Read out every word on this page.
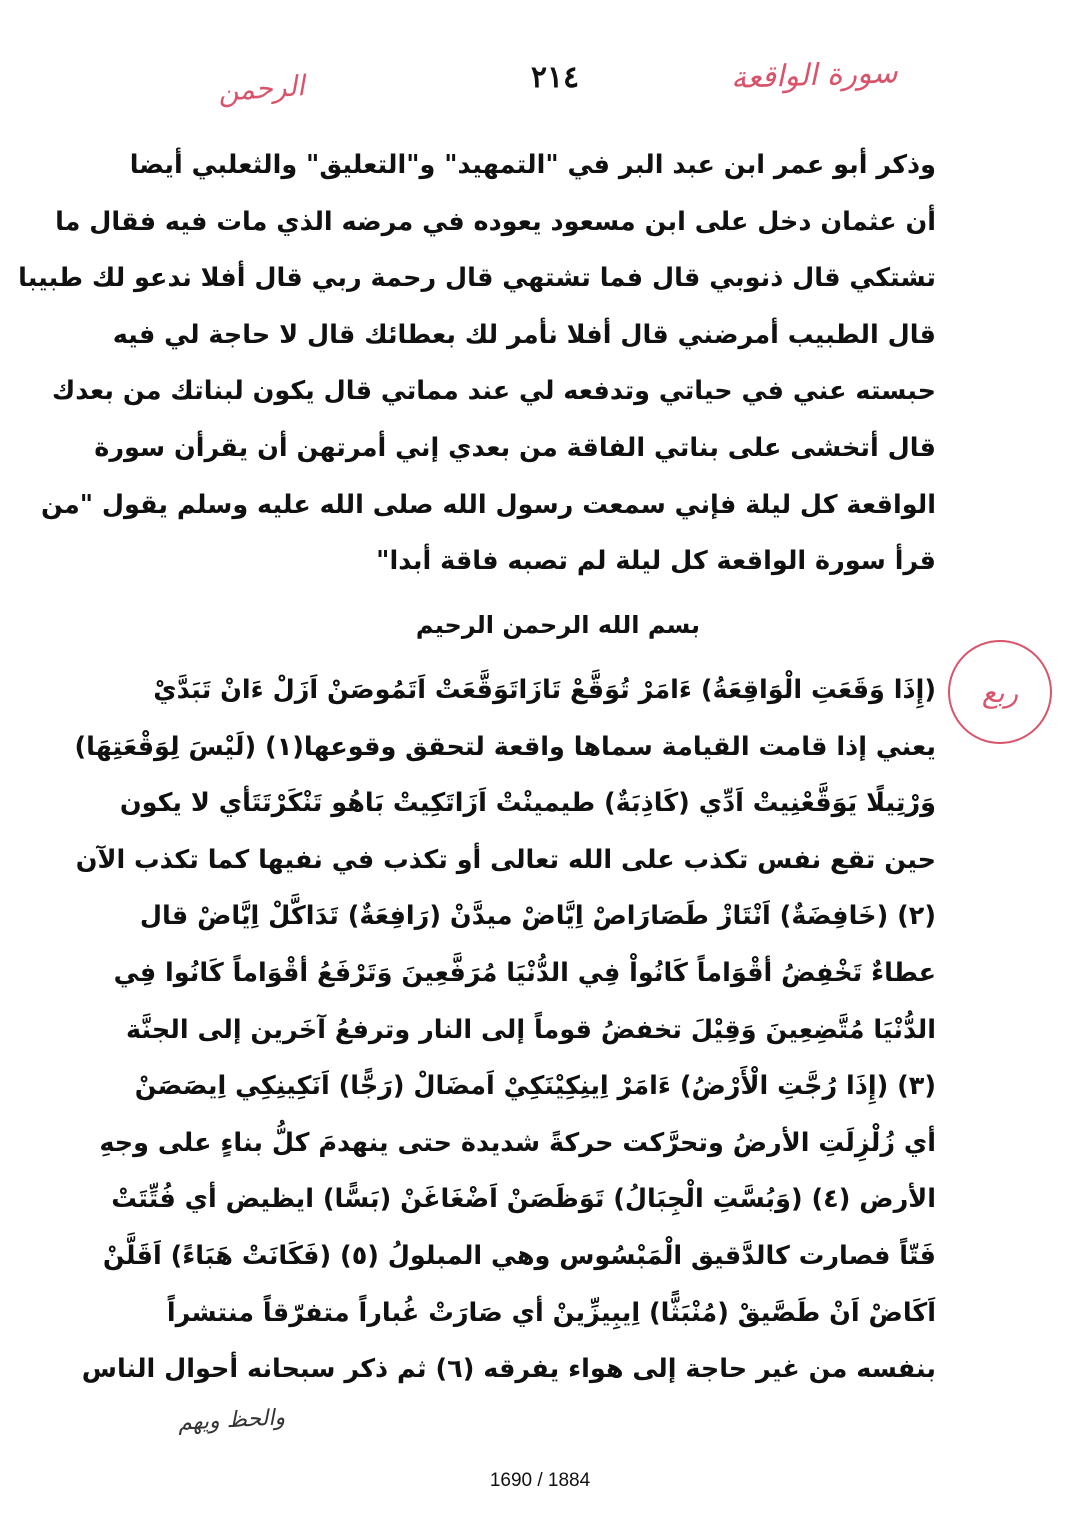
سورة الواقعة
٢١٤
الرحمن
وذكر أبو عمر ابن عبد البر في "التمهيد" و"التعليق" والثعلبي أيضا
أن عثمان دخل على ابن مسعود يعوده في مرضه الذي مات فيه فقال ما
تشتكي قال ذنوبي قال فما تشتهي قال رحمة ربي قال أفلا ندعو لك طبيبا
قال الطبيب أمرضني قال أفلا نأمر لك بعطائك قال لا حاجة لي فيه
حبسته عني في حياتي وتدفعه لي عند مماتي قال يكون لبناتك من بعدك
قال أتخشى على بناتي الفاقة من بعدي إني أمرتهن أن يقرأن سورة
الواقعة كل ليلة فإني سمعت رسول الله صلى الله عليه وسلم يقول "من
قرأ سورة الواقعة كل ليلة لم تصبه فاقة أبدا"
بسم الله الرحمن الرحيم
ربع
(إِذَا وَقَعَتِ الْوَاقِعَةُ) ءَامَرْ تُوَقَّعْ تَازَاتَوَقَّعَتْ اَتَمُوصَنْ اَزَلْ ءَانْ تَبَدَّيْ
يعني إذا قامت القيامة سماها واقعة لتحقق وقوعها(١) (لَيْسَ لِوَقْعَتِهَا)
وَرْتِيلًا يَوَقَّعْنِيتْ اَدِّي (كَاذِبَةٌ) طيمينْتْ اَزَاتَكِيتْ بَاهُو تَنْكَرْتَتَأي لا يكون
حين تقع نفس تكذب على الله تعالى أو تكذب في نفيها كما تكذب الآن
(٢) (خَافِضَةٌ) اَنْتَازْ طَصَارَاصْ اِيَّاضْ ميدَّنْ (رَافِعَةٌ) تَدَاكَّلْ اِيَّاضْ قال
عطاءٌ تَخْفِضُ أقْوَاماً كَانُواْ فِي الدُّنْيَا مُرَفَّعِينَ وَتَرْفَعُ أقْوَاماً كَانُوا فِي
الدُّنْيَا مُتَّضِعِينَ وَقِيْلَ تخفضُ قوماً إلى النار وترفعُ آخَرين إلى الجنَّة
(٣) (إِذَا رُجَّتِ الْأَرْضُ) ءَامَرْ اِينِكِيْنَكِيْ اَمضَالْ (رَجًّا) اَنَكِينِكِي اِيصَصَنْ
أي زُلْزِلَتِ الأرضُ وتحرَّكت حركةً شديدة حتى ينهدمَ كلُّ بناءٍ على وجهِ
الأرض (٤) (وَبُسَّتِ الْجِبَالُ) تَوَظَصَنْ اَضْغَاغَنْ (بَسًّا) ايظيض أي فُتِّتَتْ
فَتّاً فصارت كالدَّقيق الْمَبْسُوس وهي المبلولُ (٥) (فَكَانَتْ هَبَاءً) اَقَلَّنْ
اَكَاضْ اَنْ طَصَّيقْ (مُنْبَثًّا) اِيبِيزِّينْ أي صَارَتْ غُباراً متفرّقاً منتشراً
بنفسه من غير حاجة إلى هواء يفرقه (٦) ثم ذكر سبحانه أحوال الناس
والحظ ويهم
1690 / 1884
